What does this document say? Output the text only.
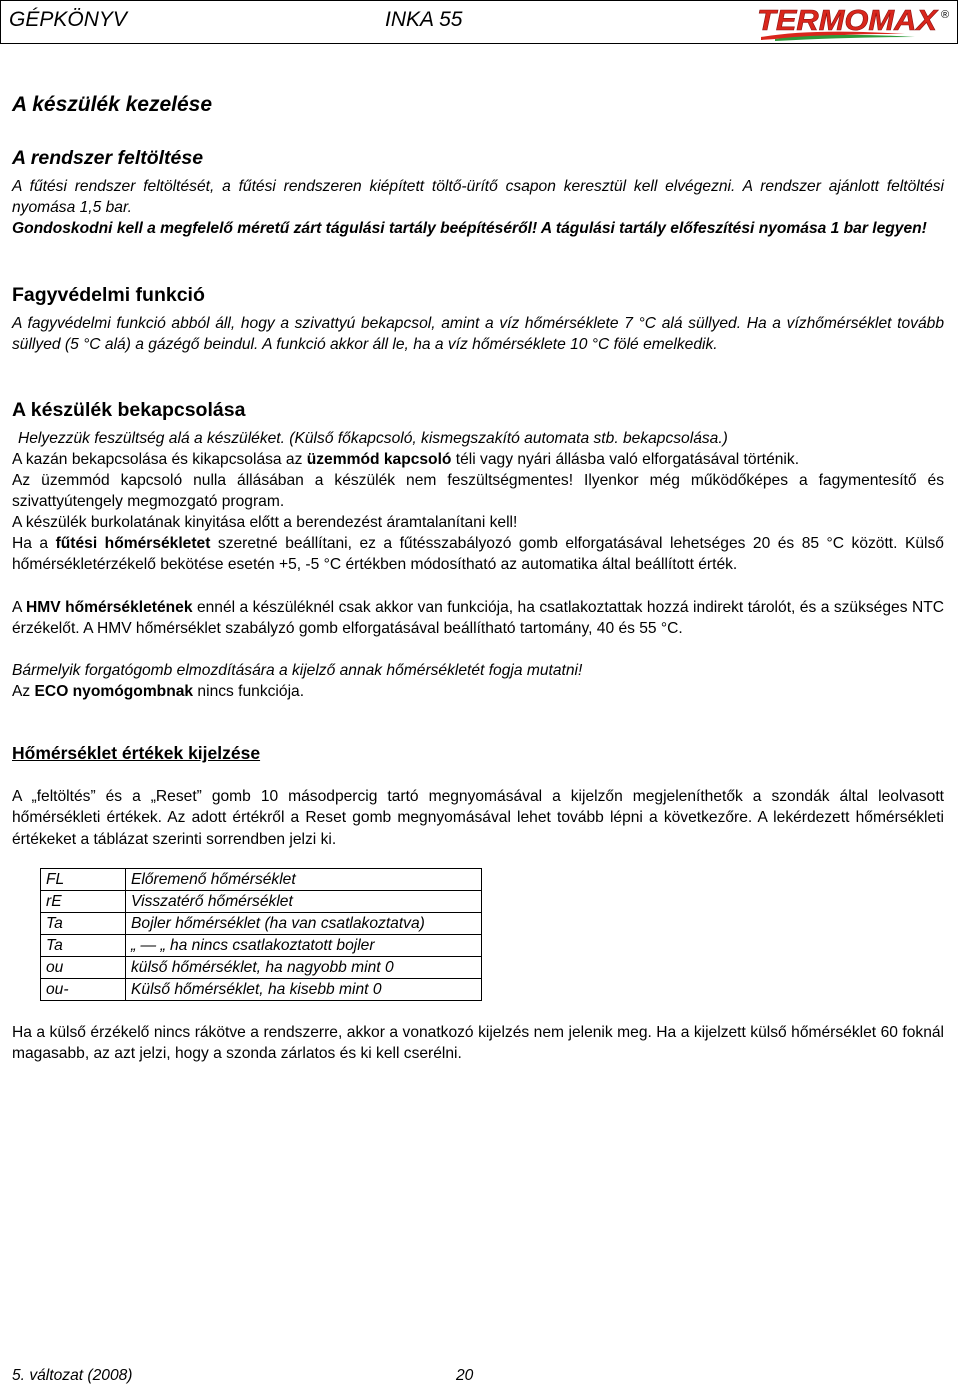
GÉPKÖNYV	INKA 55	TERMOMAX ®
A készülék kezelése
A rendszer feltöltése
A fűtési rendszer feltöltését, a fűtési rendszeren kiépített töltő-ürítő csapon keresztül kell elvégezni. A rendszer ajánlott feltöltési nyomása 1,5 bar.
Gondoskodni kell a megfelelő méretű zárt tágulási tartály beépítéséről! A tágulási tartály előfeszítési nyomása 1 bar legyen!
Fagyvédelmi funkció
A fagyvédelmi funkció abból áll, hogy a szivattyú bekapcsol, amint a víz hőmérséklete 7 °C alá süllyed. Ha a vízhőmérséklet tovább süllyed (5 °C alá) a gázégő beindul. A funkció akkor áll le, ha a víz hőmérséklete 10 °C fölé emelkedik.
A készülék bekapcsolása
Helyezzük feszültség alá a készüléket. (Külső főkapcsoló, kismegszakító automata stb. bekapcsolása.)
A kazán bekapcsolása és kikapcsolása az üzemmód kapcsoló téli vagy nyári állásba való elforgatásával történik.
Az üzemmód kapcsoló nulla állásában a készülék nem feszültségmentes! Ilyenkor még működőképes a fagymentesítő és szivattyútengely megmozgató program.
A készülék burkolatának kinyitása előtt a berendezést áramtalanítani kell!
Ha a fűtési hőmérsékletet szeretné beállítani, ez a fűtésszabályozó gomb elforgatásával lehetséges 20 és 85 °C között. Külső hőmérsékletérzékelő bekötése esetén +5, -5 °C értékben módosítható az automatika által beállított érték.
A HMV hőmérsékletének ennél a készüléknél csak akkor van funkciója, ha csatlakoztattak hozzá indirekt tárolót, és a szükséges NTC érzékelőt. A HMV hőmérséklet szabályzó gomb elforgatásával beállítható tartomány, 40 és 55 °C.
Bármelyik forgatógomb elmozdítására a kijelző annak hőmérsékletét fogja mutatni!
Az ECO nyomógombnak nincs funkciója.
Hőmérséklet értékek kijelzése
A „feltöltés” és a „Reset” gomb 10 másodpercig tartó megnyomásával a kijelzőn megjeleníthetők a szondák által leolvasott hőmérsékleti értékek. Az adott értékről a Reset gomb megnyomásával lehet tovább lépni a következőre. A lekérdezett hőmérsékleti értékeket a táblázat szerinti sorrendben jelzi ki.
FL	Előremenő hőmérséklet
rE	Visszatérő hőmérséklet
Ta	Bojler hőmérséklet (ha van csatlakoztatva)
Ta	„ — „ ha nincs csatlakoztatott bojler
ou	külső hőmérséklet, ha nagyobb mint 0
ou-	Külső hőmérséklet, ha kisebb mint 0
Ha a külső érzékelő nincs rákötve a rendszerre, akkor a vonatkozó kijelzés nem jelenik meg. Ha a kijelzett külső hőmérséklet 60 foknál magasabb, az azt jelzi, hogy a szonda zárlatos és ki kell cserélni.
5. változat (2008)	20
